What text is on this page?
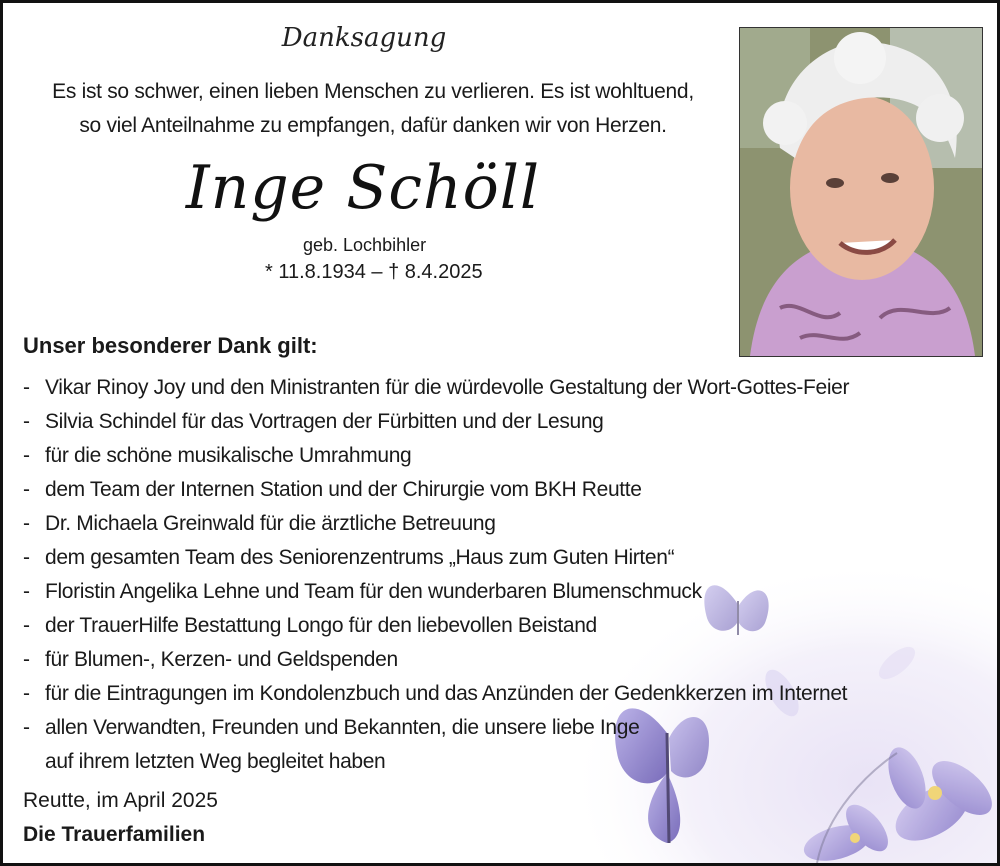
Danksagung
Es ist so schwer, einen lieben Menschen zu verlieren. Es ist wohltuend,
so viel Anteilnahme zu empfangen, dafür danken wir von Herzen.
Inge Schöll
geb. Lochbihler
* 11.8.1934 – † 8.4.2025
Unser besonderer Dank gilt:
- Vikar Rinoy Joy und den Ministranten für die würdevolle Gestaltung der Wort-Gottes-Feier
- Silvia Schindel für das Vortragen der Fürbitten und der Lesung
- für die schöne musikalische Umrahmung
- dem Team der Internen Station und der Chirurgie vom BKH Reutte
- Dr. Michaela Greinwald für die ärztliche Betreuung
- dem gesamten Team des Seniorenzentrums „Haus zum Guten Hirten“
- Floristin Angelika Lehne und Team für den wunderbaren Blumenschmuck
- der TrauerHilfe Bestattung Longo für den liebevollen Beistand
- für Blumen-, Kerzen- und Geldspenden
- für die Eintragungen im Kondolenzbuch und das Anzünden der Gedenkkerzen im Internet
- allen Verwandten, Freunden und Bekannten, die unsere liebe Inge
auf ihrem letzten Weg begleitet haben
Reutte, im April 2025
Die Trauerfamilien
